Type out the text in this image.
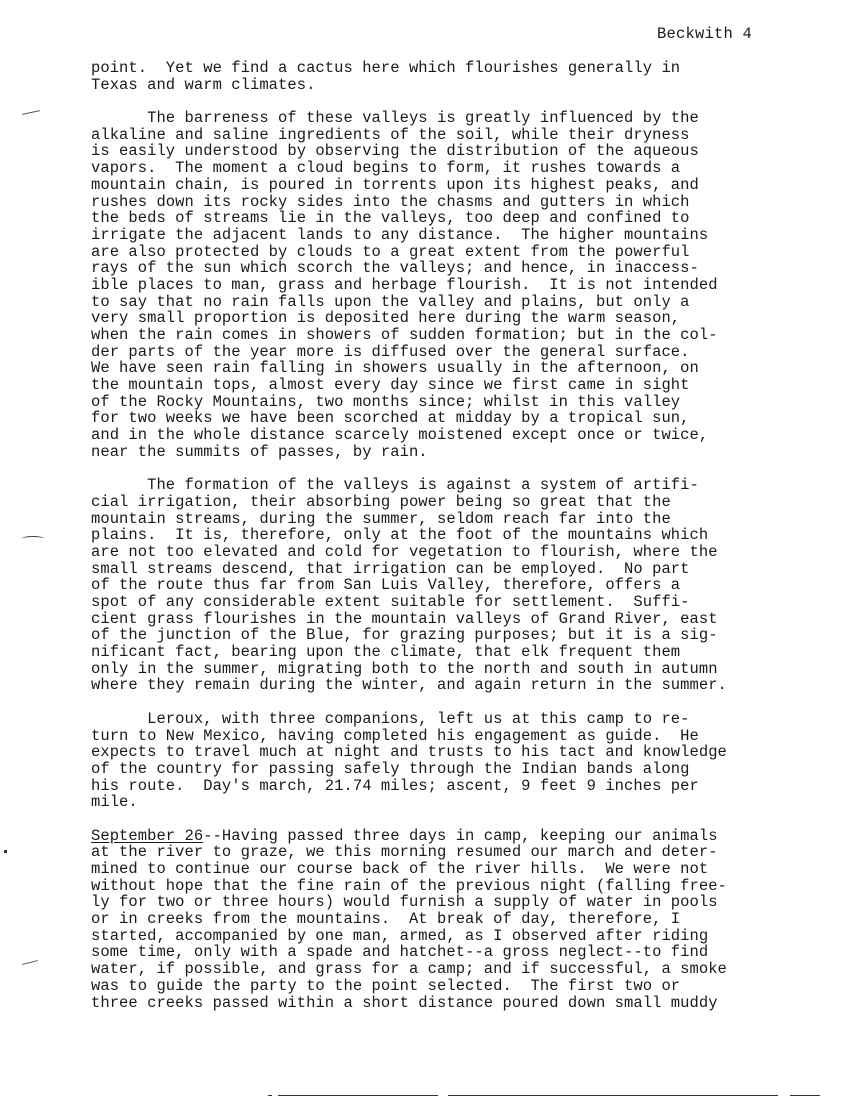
Beckwith 4
point.  Yet we find a cactus here which flourishes generally in
Texas and warm climates.
The barreness of these valleys is greatly influenced by the
alkaline and saline ingredients of the soil, while their dryness
is easily understood by observing the distribution of the aqueous
vapors.  The moment a cloud begins to form, it rushes towards a
mountain chain, is poured in torrents upon its highest peaks, and
rushes down its rocky sides into the chasms and gutters in which
the beds of streams lie in the valleys, too deep and confined to
irrigate the adjacent lands to any distance.  The higher mountains
are also protected by clouds to a great extent from the powerful
rays of the sun which scorch the valleys; and hence, in inaccess-
ible places to man, grass and herbage flourish.  It is not intended
to say that no rain falls upon the valley and plains, but only a
very small proportion is deposited here during the warm season,
when the rain comes in showers of sudden formation; but in the col-
der parts of the year more is diffused over the general surface.
We have seen rain falling in showers usually in the afternoon, on
the mountain tops, almost every day since we first came in sight
of the Rocky Mountains, two months since; whilst in this valley
for two weeks we have been scorched at midday by a tropical sun,
and in the whole distance scarcely moistened except once or twice,
near the summits of passes, by rain.
The formation of the valleys is against a system of artifi-
cial irrigation, their absorbing power being so great that the
mountain streams, during the summer, seldom reach far into the
plains.  It is, therefore, only at the foot of the mountains which
are not too elevated and cold for vegetation to flourish, where the
small streams descend, that irrigation can be employed.  No part
of the route thus far from San Luis Valley, therefore, offers a
spot of any considerable extent suitable for settlement.  Suffi-
cient grass flourishes in the mountain valleys of Grand River, east
of the junction of the Blue, for grazing purposes; but it is a sig-
nificant fact, bearing upon the climate, that elk frequent them
only in the summer, migrating both to the north and south in autumn
where they remain during the winter, and again return in the summer.
Leroux, with three companions, left us at this camp to re-
turn to New Mexico, having completed his engagement as guide.  He
expects to travel much at night and trusts to his tact and knowledge
of the country for passing safely through the Indian bands along
his route.  Day's march, 21.74 miles; ascent, 9 feet 9 inches per
mile.
September 26--Having passed three days in camp, keeping our animals
at the river to graze, we this morning resumed our march and deter-
mined to continue our course back of the river hills.  We were not
without hope that the fine rain of the previous night (falling free-
ly for two or three hours) would furnish a supply of water in pools
or in creeks from the mountains.  At break of day, therefore, I
started, accompanied by one man, armed, as I observed after riding
some time, only with a spade and hatchet--a gross neglect--to find
water, if possible, and grass for a camp; and if successful, a smoke
was to guide the party to the point selected.  The first two or
three creeks passed within a short distance poured down small muddy
